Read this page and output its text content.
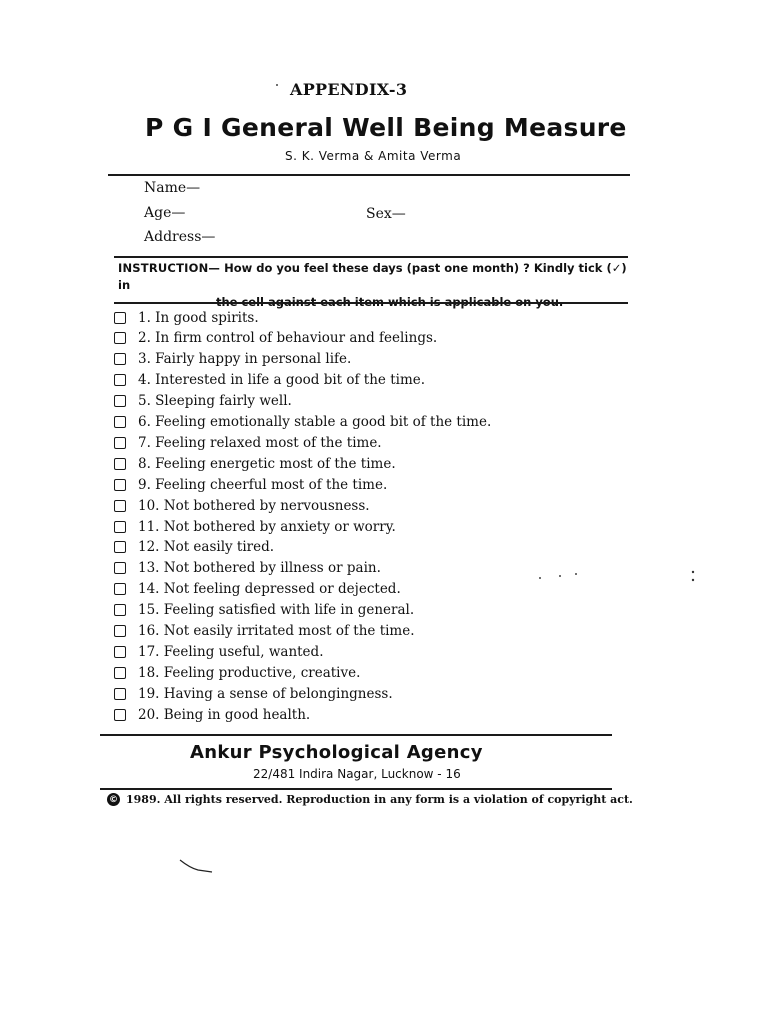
APPENDIX-3
P G I General Well Being Measure
S. K. Verma & Amita Verma
Name—
Age—	Sex—
Address—
INSTRUCTION— How do you feel these days (past one month) ? Kindly tick (✓) in
1. In good spirits.
2. In firm control of behaviour and feelings.
3. Fairly happy in personal life.
4. Interested in life a good bit of the time.
5. Sleeping fairly well.
6. Feeling emotionally stable a good bit of the time.
7. Feeling relaxed most of the time.
8. Feeling energetic most of the time.
9. Feeling cheerful most of the time.
10. Not bothered by nervousness.
11. Not bothered by anxiety or worry.
12. Not easily tired.
13. Not bothered by illness or pain.
14. Not feeling depressed or dejected.
15. Feeling satisfied with life in general.
16. Not easily irritated most of the time.
17. Feeling useful, wanted.
18. Feeling productive, creative.
19. Having a sense of belongingness.
20. Being in good health.
Ankur Psychological Agency
22/481 Indira Nagar, Lucknow - 16
© 1989. All rights reserved. Reproduction in any form is a violation of copyright act.
